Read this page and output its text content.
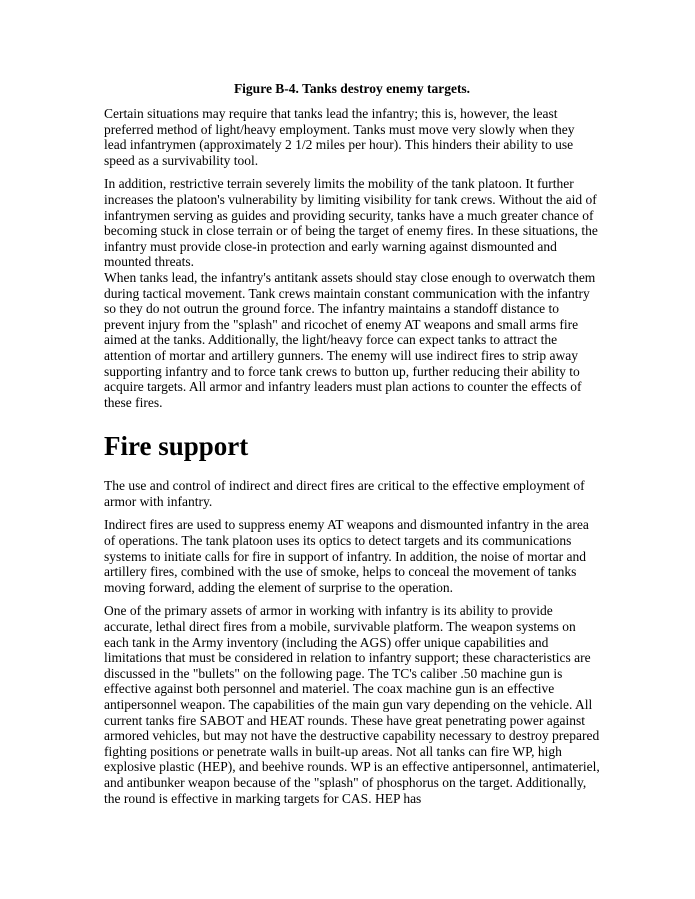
Figure B-4. Tanks destroy enemy targets.

Certain situations may require that tanks lead the infantry; this is, however, the least preferred method of light/heavy employment. Tanks must move very slowly when they lead infantrymen (approximately 2 1/2 miles per hour). This hinders their ability to use speed as a survivability tool.

In addition, restrictive terrain severely limits the mobility of the tank platoon. It further increases the platoon's vulnerability by limiting visibility for tank crews. Without the aid of infantrymen serving as guides and providing security, tanks have a much greater chance of becoming stuck in close terrain or of being the target of enemy fires. In these situations, the infantry must provide close-in protection and early warning against dismounted and mounted threats.

When tanks lead, the infantry's antitank assets should stay close enough to overwatch them during tactical movement. Tank crews maintain constant communication with the infantry so they do not outrun the ground force. The infantry maintains a standoff distance to prevent injury from the "splash" and ricochet of enemy AT weapons and small arms fire aimed at the tanks. Additionally, the light/heavy force can expect tanks to attract the attention of mortar and artillery gunners. The enemy will use indirect fires to strip away supporting infantry and to force tank crews to button up, further reducing their ability to acquire targets. All armor and infantry leaders must plan actions to counter the effects of these fires.

Fire support

The use and control of indirect and direct fires are critical to the effective employment of armor with infantry.

Indirect fires are used to suppress enemy AT weapons and dismounted infantry in the area of operations. The tank platoon uses its optics to detect targets and its communications systems to initiate calls for fire in support of infantry. In addition, the noise of mortar and artillery fires, combined with the use of smoke, helps to conceal the movement of tanks moving forward, adding the element of surprise to the operation.

One of the primary assets of armor in working with infantry is its ability to provide accurate, lethal direct fires from a mobile, survivable platform. The weapon systems on each tank in the Army inventory (including the AGS) offer unique capabilities and limitations that must be considered in relation to infantry support; these characteristics are discussed in the "bullets" on the following page. The TC's caliber .50 machine gun is effective against both personnel and materiel. The coax machine gun is an effective antipersonnel weapon. The capabilities of the main gun vary depending on the vehicle. All current tanks fire SABOT and HEAT rounds. These have great penetrating power against armored vehicles, but may not have the destructive capability necessary to destroy prepared fighting positions or penetrate walls in built-up areas. Not all tanks can fire WP, high explosive plastic (HEP), and beehive rounds. WP is an effective antipersonnel, antimateriel, and antibunker weapon because of the "splash" of phosphorus on the target. Additionally, the round is effective in marking targets for CAS. HEP has
